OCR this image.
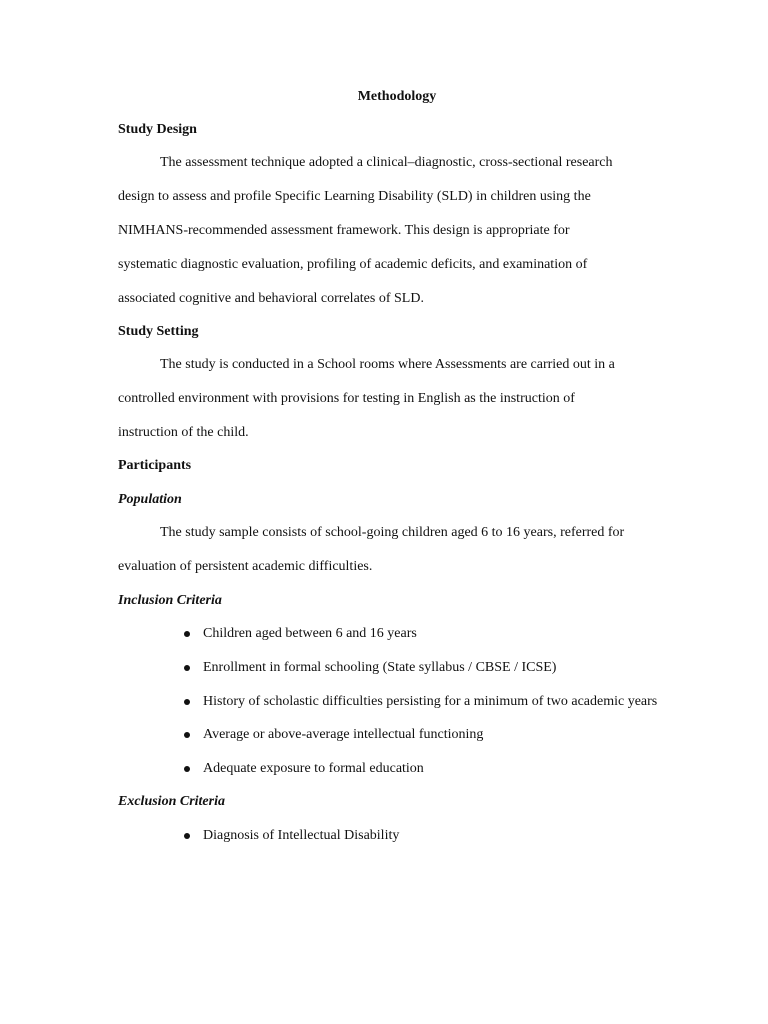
Methodology
Study Design

The assessment technique adopted a clinical–diagnostic, cross-sectional research

design to assess and profile Specific Learning Disability (SLD) in children using the

NIMHANS-recommended assessment framework. This design is appropriate for

systematic diagnostic evaluation, profiling of academic deficits, and examination of

associated cognitive and behavioral correlates of SLD.

Study Setting

The study is conducted in a School rooms where Assessments are carried out in a

controlled environment with provisions for testing in English as the instruction of

instruction of the child.

Participants
Population

The study sample consists of school-going children aged 6 to 16 years, referred for

evaluation of persistent academic difficulties.

Inclusion Criteria
Children aged between 6 and 16 years
Enrollment in formal schooling (State syllabus / CBSE / ICSE)
History of scholastic difficulties persisting for a minimum of two academic years
Average or above-average intellectual functioning
Adequate exposure to formal education
Exclusion Criteria
Diagnosis of Intellectual Disability
